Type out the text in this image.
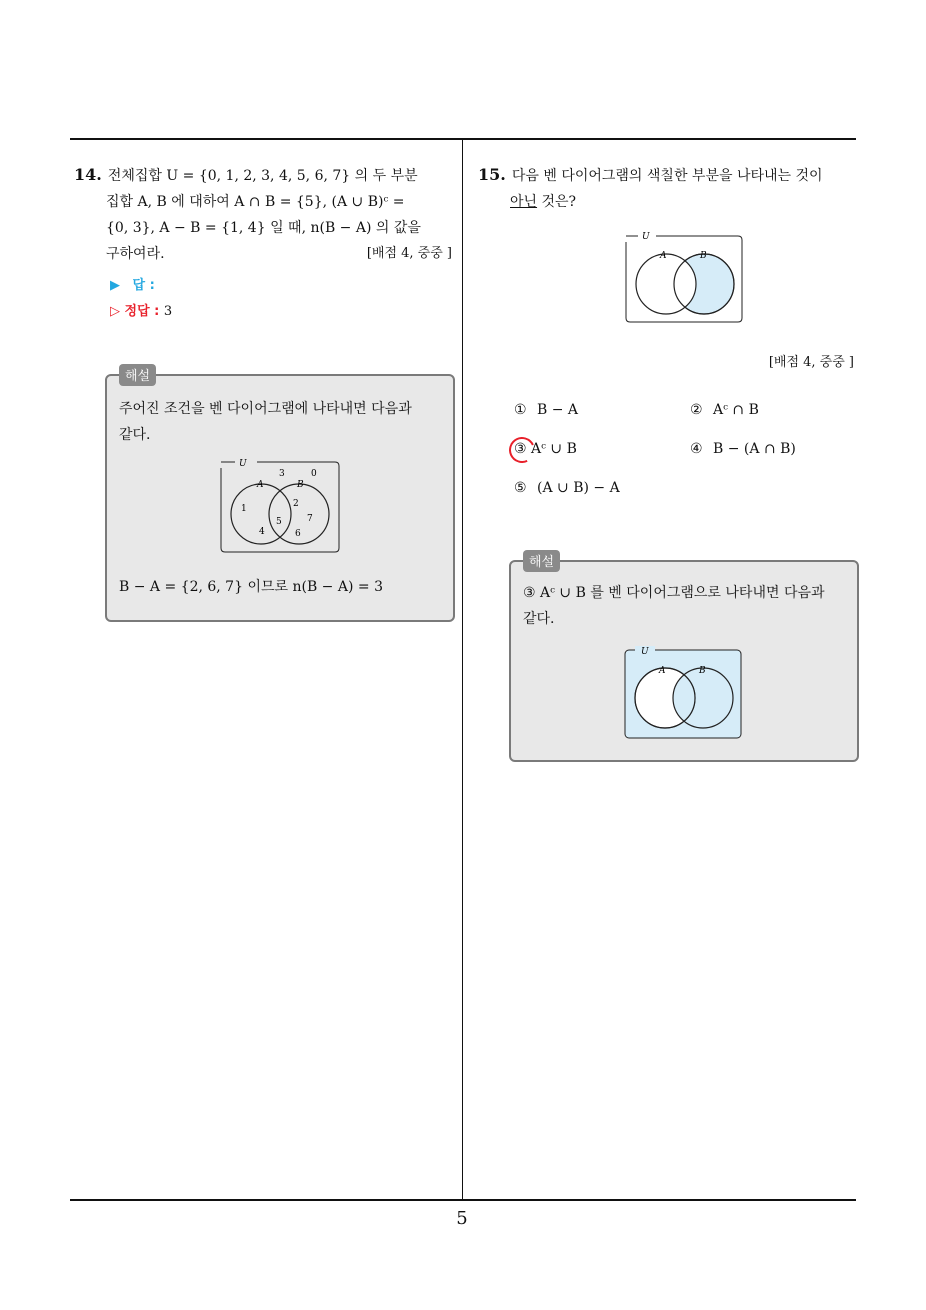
5
14. 전체집합 U = {0, 1, 2, 3, 4, 5, 6, 7} 의 두 부분
집합 A, B 에 대하여 A ∩ B = {5}, (A ∪ B)ᶜ =
{0, 3}, A − B = {1, 4} 일 때, n(B − A) 의 값을
구하여라.	[배점 4, 중중 ]
▶ 답 :
▷ 정답 : 3
해설
주어진 조건을 벤 다이어그램에 나타내면 다음과
같다.
U
A	B
3	0
1
4
5
2
7
6
B − A = {2, 6, 7} 이므로 n(B − A) = 3
15. 다음 벤 다이어그램의 색칠한 부분을 나타내는 것이
아닌 것은?
U
A	B
[배점 4, 중중 ]
① B − A	② Aᶜ ∩ B
③ Aᶜ ∪ B	④ B − (A ∩ B)
⑤ (A ∪ B) − A
해설
③ Aᶜ ∪ B 를 벤 다이어그램으로 나타내면 다음과
같다.
U
A	B
